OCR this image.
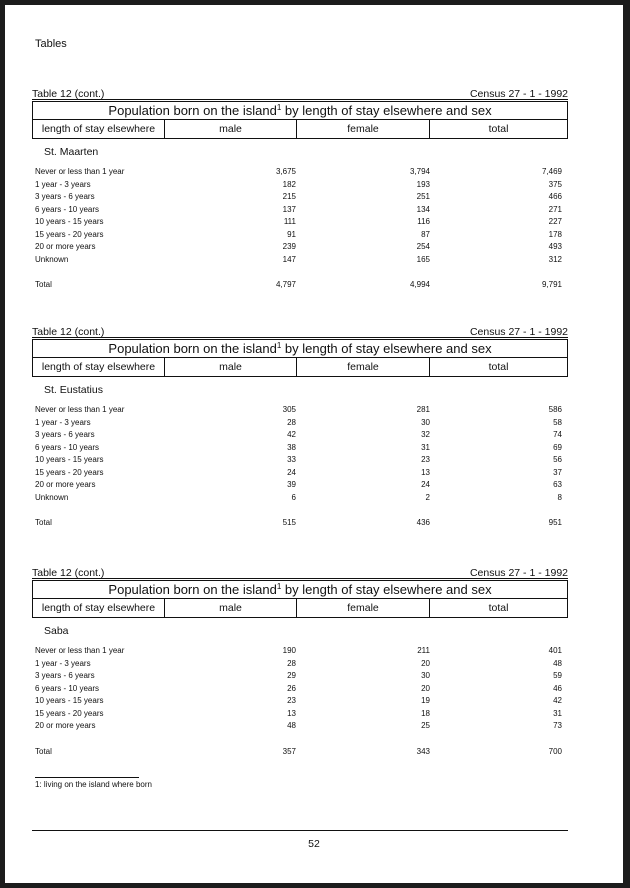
Tables
Table 12 (cont.)	Census 27 - 1 - 1992
Population born on the island$^1$ by length of stay elsewhere and sex
length of stay elsewhere	male	female	total
St. Maarten
Never or less than 1 year	3,675	3,794	7,469
1 year - 3 years	182	193	375
3 years - 6 years	215	251	466
6 years - 10 years	137	134	271
10 years - 15 years	111	116	227
15 years - 20 years	91	87	178
20 or more years	239	254	493
Unknown	147	165	312
Total	4,797	4,994	9,791
Table 12 (cont.)	Census 27 - 1 - 1992
Population born on the island$^1$ by length of stay elsewhere and sex
length of stay elsewhere	male	female	total
St. Eustatius
Never or less than 1 year	305	281	586
1 year - 3 years	28	30	58
3 years - 6 years	42	32	74
6 years - 10 years	38	31	69
10 years - 15 years	33	23	56
15 years - 20 years	24	13	37
20 or more years	39	24	63
Unknown	6	2	8
Total	515	436	951
Table 12 (cont.)	Census 27 - 1 - 1992
Population born on the island$^1$ by length of stay elsewhere and sex
length of stay elsewhere	male	female	total
Saba
Never or less than 1 year	190	211	401
1 year - 3 years	28	20	48
3 years - 6 years	29	30	59
6 years - 10 years	26	20	46
10 years - 15 years	23	19	42
15 years - 20 years	13	18	31
20 or more years	48	25	73
Total	357	343	700
1: living on the island where born
52
